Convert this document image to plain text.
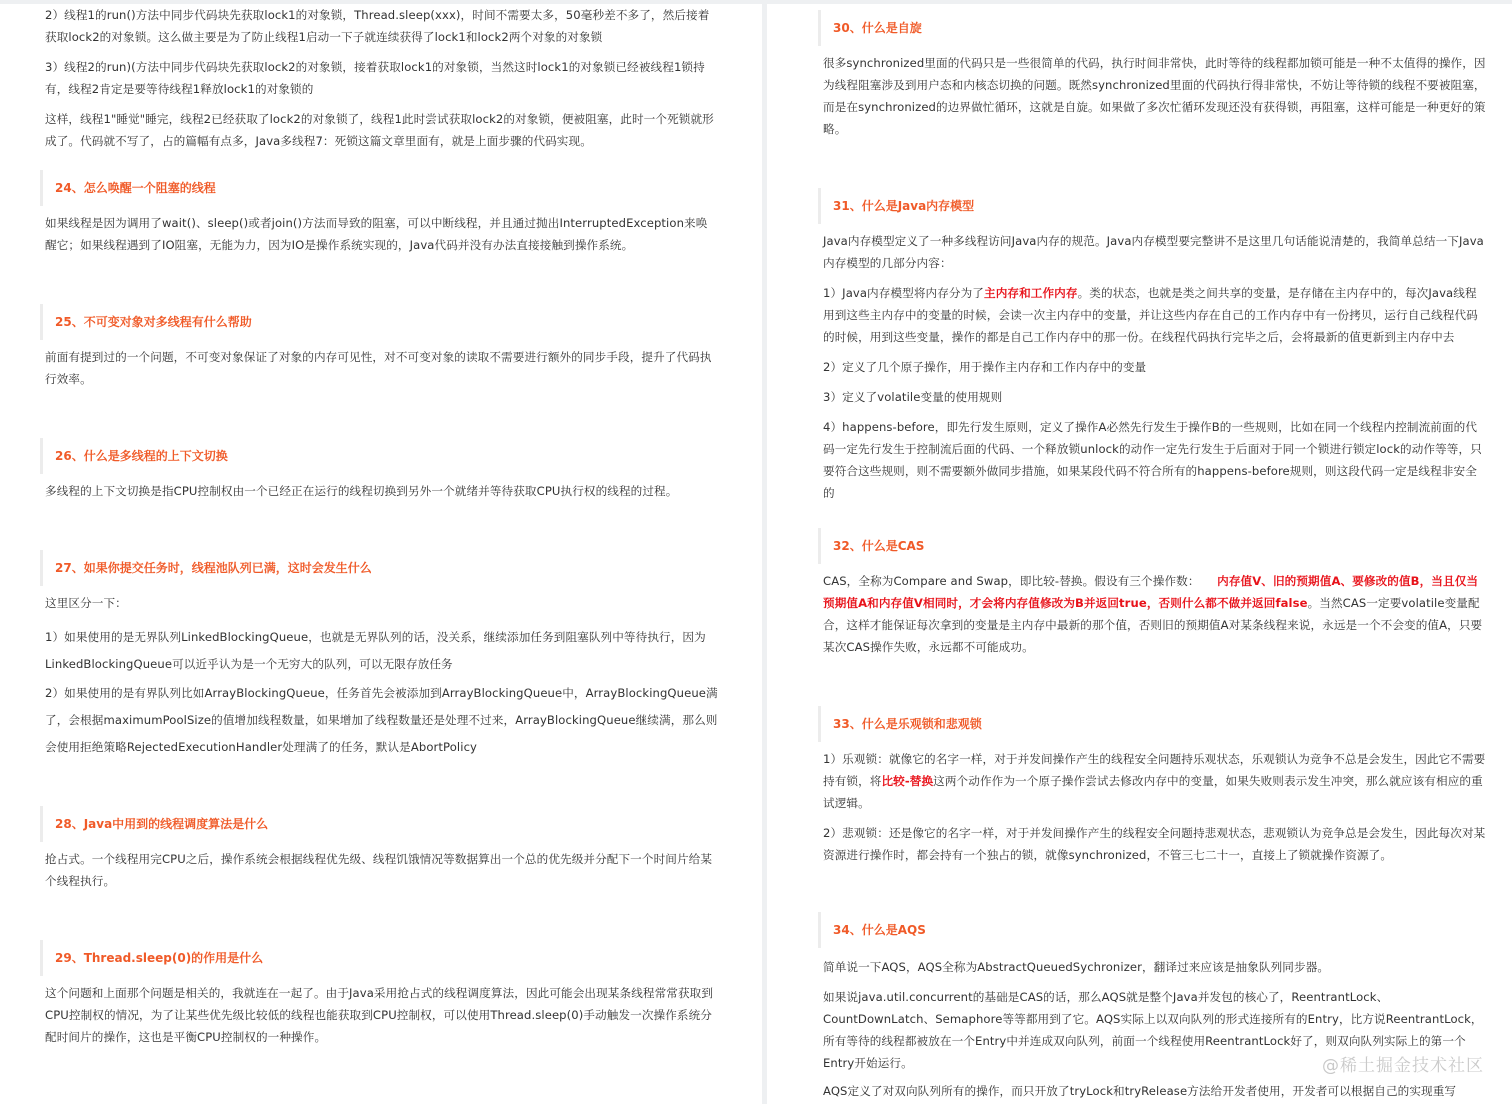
2）线程1的run()方法中同步代码块先获取lock1的对象锁，Thread.sleep(xxx)，时间不需要太多，50毫秒差不多了，然后接着获取lock2的对象锁。这么做主要是为了防止线程1启动一下子就连续获得了lock1和lock2两个对象的对象锁

3）线程2的run)(方法中同步代码块先获取lock2的对象锁，接着获取lock1的对象锁，当然这时lock1的对象锁已经被线程1锁持有，线程2肯定是要等待线程1释放lock1的对象锁的

这样，线程1"睡觉"睡完，线程2已经获取了lock2的对象锁了，线程1此时尝试获取lock2的对象锁，便被阻塞，此时一个死锁就形成了。代码就不写了，占的篇幅有点多，Java多线程7：死锁这篇文章里面有，就是上面步骤的代码实现。

24、怎么唤醒一个阻塞的线程

如果线程是因为调用了wait()、sleep()或者join()方法而导致的阻塞，可以中断线程，并且通过抛出InterruptedException来唤醒它；如果线程遇到了IO阻塞，无能为力，因为IO是操作系统实现的，Java代码并没有办法直接接触到操作系统。

25、不可变对象对多线程有什么帮助

前面有提到过的一个问题，不可变对象保证了对象的内存可见性，对不可变对象的读取不需要进行额外的同步手段，提升了代码执行效率。

26、什么是多线程的上下文切换

多线程的上下文切换是指CPU控制权由一个已经正在运行的线程切换到另外一个就绪并等待获取CPU执行权的线程的过程。

27、如果你提交任务时，线程池队列已满，这时会发生什么

这里区分一下：

1）如果使用的是无界队列LinkedBlockingQueue，也就是无界队列的话，没关系，继续添加任务到阻塞队列中等待执行，因为LinkedBlockingQueue可以近乎认为是一个无穷大的队列，可以无限存放任务

2）如果使用的是有界队列比如ArrayBlockingQueue，任务首先会被添加到ArrayBlockingQueue中，ArrayBlockingQueue满了，会根据maximumPoolSize的值增加线程数量，如果增加了线程数量还是处理不过来，ArrayBlockingQueue继续满，那么则会使用拒绝策略RejectedExecutionHandler处理满了的任务，默认是AbortPolicy

28、Java中用到的线程调度算法是什么

抢占式。一个线程用完CPU之后，操作系统会根据线程优先级、线程饥饿情况等数据算出一个总的优先级并分配下一个时间片给某个线程执行。

29、Thread.sleep(0)的作用是什么

这个问题和上面那个问题是相关的，我就连在一起了。由于Java采用抢占式的线程调度算法，因此可能会出现某条线程常常获取到CPU控制权的情况，为了让某些优先级比较低的线程也能获取到CPU控制权，可以使用Thread.sleep(0)手动触发一次操作系统分配时间片的操作，这也是平衡CPU控制权的一种操作。

30、什么是自旋

很多synchronized里面的代码只是一些很简单的代码，执行时间非常快，此时等待的线程都加锁可能是一种不太值得的操作，因为线程阻塞涉及到用户态和内核态切换的问题。既然synchronized里面的代码执行得非常快，不妨让等待锁的线程不要被阻塞，而是在synchronized的边界做忙循环，这就是自旋。如果做了多次忙循环发现还没有获得锁，再阻塞，这样可能是一种更好的策略。

31、什么是Java内存模型

Java内存模型定义了一种多线程访问Java内存的规范。Java内存模型要完整讲不是这里几句话能说清楚的，我简单总结一下Java内存模型的几部分内容：

1）Java内存模型将内存分为了主内存和工作内存。类的状态，也就是类之间共享的变量，是存储在主内存中的，每次Java线程用到这些主内存中的变量的时候，会读一次主内存中的变量，并让这些内存在自己的工作内存中有一份拷贝，运行自己线程代码的时候，用到这些变量，操作的都是自己工作内存中的那一份。在线程代码执行完毕之后，会将最新的值更新到主内存中去

2）定义了几个原子操作，用于操作主内存和工作内存中的变量

3）定义了volatile变量的使用规则

4）happens-before，即先行发生原则，定义了操作A必然先行发生于操作B的一些规则，比如在同一个线程内控制流前面的代码一定先行发生于控制流后面的代码、一个释放锁unlock的动作一定先行发生于后面对于同一个锁进行锁定lock的动作等等，只要符合这些规则，则不需要额外做同步措施，如果某段代码不符合所有的happens-before规则，则这段代码一定是线程非安全的

32、什么是CAS

CAS，全称为Compare and Swap，即比较-替换。假设有三个操作数：　　内存值V、旧的预期值A、要修改的值B，当且仅当预期值A和内存值V相同时，才会将内存值修改为B并返回true，否则什么都不做并返回false。当然CAS一定要volatile变量配合，这样才能保证每次拿到的变量是主内存中最新的那个值，否则旧的预期值A对某条线程来说，永远是一个不会变的值A，只要某次CAS操作失败，永远都不可能成功。

33、什么是乐观锁和悲观锁

1）乐观锁：就像它的名字一样，对于并发间操作产生的线程安全问题持乐观状态，乐观锁认为竞争不总是会发生，因此它不需要持有锁，将比较-替换这两个动作作为一个原子操作尝试去修改内存中的变量，如果失败则表示发生冲突，那么就应该有相应的重试逻辑。

2）悲观锁：还是像它的名字一样，对于并发间操作产生的线程安全问题持悲观状态，悲观锁认为竞争总是会发生，因此每次对某资源进行操作时，都会持有一个独占的锁，就像synchronized，不管三七二十一，直接上了锁就操作资源了。

34、什么是AQS

简单说一下AQS，AQS全称为AbstractQueuedSychronizer，翻译过来应该是抽象队列同步器。

如果说java.util.concurrent的基础是CAS的话，那么AQS就是整个Java并发包的核心了，ReentrantLock、CountDownLatch、Semaphore等等都用到了它。AQS实际上以双向队列的形式连接所有的Entry，比方说ReentrantLock，所有等待的线程都被放在一个Entry中并连成双向队列，前面一个线程使用ReentrantLock好了，则双向队列实际上的第一个Entry开始运行。

AQS定义了对双向队列所有的操作，而只开放了tryLock和tryRelease方法给开发者使用，开发者可以根据自己的实现重写

@稀土掘金技术社区
